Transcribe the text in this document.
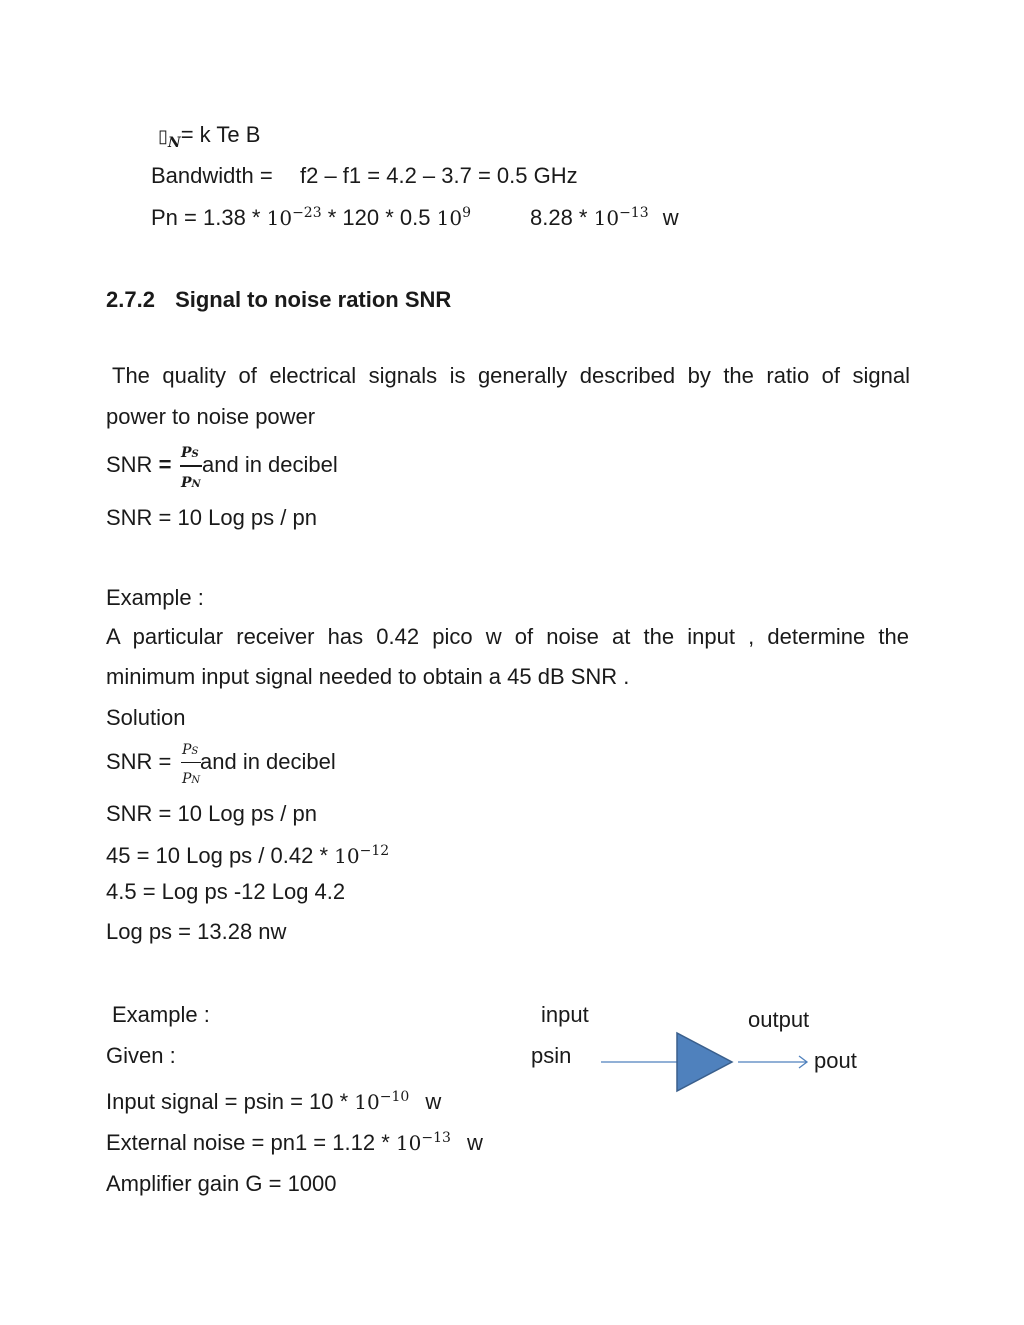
$▯_N= k$ Te B
Bandwidth = f2 – f1 = 4.2 – 3.7 = 0.5 GHz
$Pn = 1.38 * 10^{-23} * 120 * 0.5$ $10^9$	$8.28 * 10^{-13}$ w
2.7.2 Signal to noise ration SNR
The quality of electrical signals is generally described by the ratio of signal
power to noise power
SNR = PS
PN
and in decibel
SNR = 10 Log ps / pn
Example :
A particular receiver has 0.42 pico w of noise at the input , determine the
minimum input signal needed to obtain a 45 dB SNR .
Solution
SNR = PS
PN
and in decibel
SNR = 10 Log ps / pn
45 = 10 Log ps / $0.42 * 10^{-12}$
4.5 = Log ps -12 Log 4.2
Log ps = 13.28 nw
Example :
Given :
Input signal = $psin = 10 * 10^{-10}$ w
External noise = $pn1 = 1.12 * 10^{-13}$ w
Amplifier gain G = 1000
input
psin
output
pout
